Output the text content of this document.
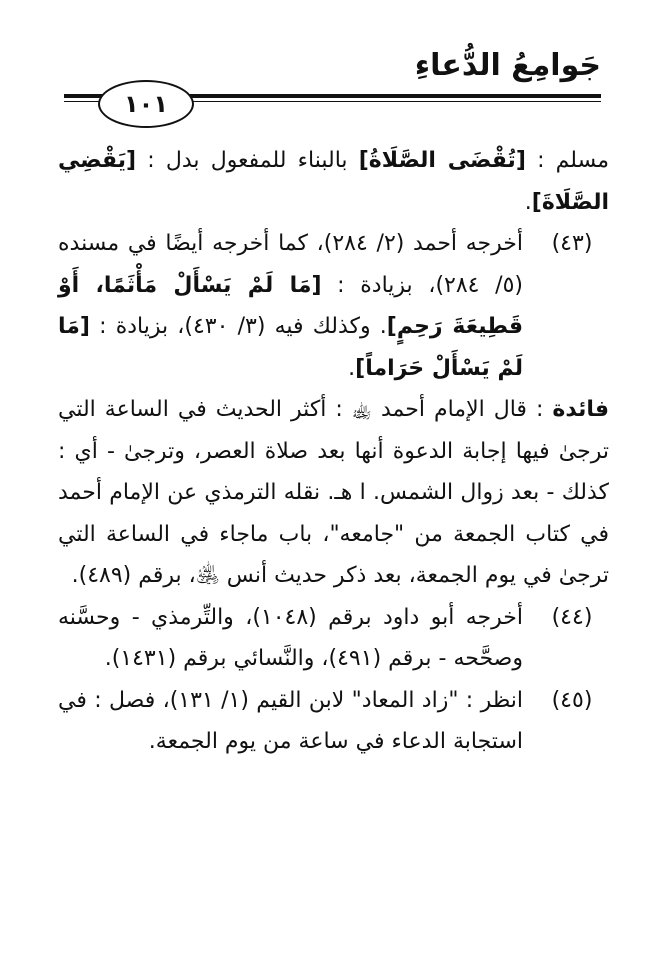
جَوامِعُ الدُّعاءِ
١٠١
مسلم : [تُقْضَى الصَّلَاةُ] بالبناء للمفعول بدل : [يَقْضِي الصَّلَاةَ].
(٤٣)
أخرجه أحمد (٢/ ٢٨٤)، كما أخرجه أيضًا في مسنده (٥/ ٢٨٤)، بزيادة : [مَا لَمْ يَسْأَلْ مَأْثَمًا، أَوْ قَطِيعَةَ رَحِمٍ]. وكذلك فيه (٣/ ٤٣٠)، بزيادة : [مَا لَمْ يَسْأَلْ حَرَاماً].
فائدة : قال الإمام أحمد ﵀ : أكثر الحديث في الساعة التي ترجىٰ فيها إجابة الدعوة أنها بعد صلاة العصر، وترجىٰ - أي : كذلك - بعد زوال الشمس. ا هـ. نقله الترمذي عن الإمام أحمد في كتاب الجمعة من "جامعه"، باب ماجاء في الساعة التي ترجىٰ في يوم الجمعة، بعد ذكر حديث أنس ﵁، برقم (٤٨٩).
(٤٤)
أخرجه أبو داود برقم (١٠٤٨)، والتِّرمذي - وحسَّنه وصحَّحه - برقم (٤٩١)، والنَّسائي برقم (١٤٣١).
(٤٥)
انظر : "زاد المعاد" لابن القيم (١/ ١٣١)، فصل : في استجابة الدعاء في ساعة من يوم الجمعة.
